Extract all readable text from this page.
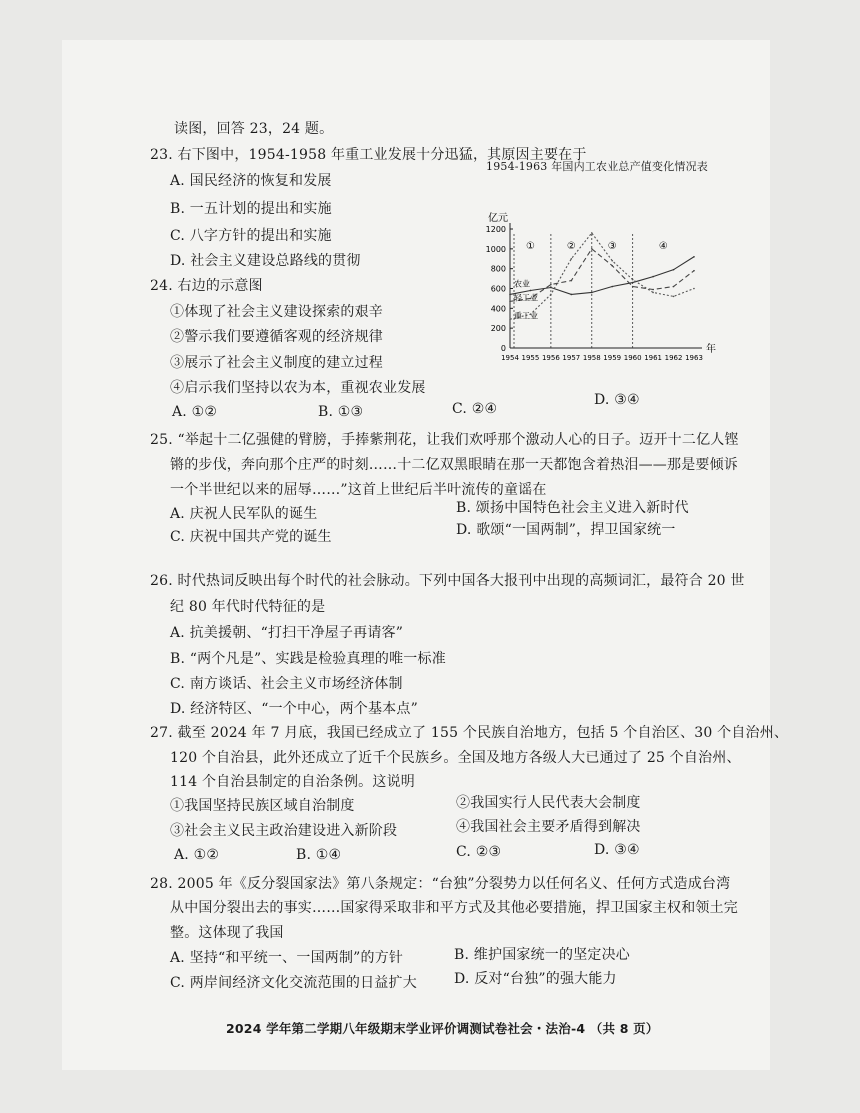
读图，回答 23，24 题。
23. 右下图中，1954-1958 年重工业发展十分迅猛，其原因主要在于
A. 国民经济的恢复和发展
B. 一五计划的提出和实施
C. 八字方针的提出和实施
D. 社会主义建设总路线的贯彻
24. 右边的示意图
①体现了社会主义建设探索的艰辛
②警示我们要遵循客观的经济规律
③展示了社会主义制度的建立过程
④启示我们坚持以农为本，重视农业发展
A. ①②	B. ①③	C. ②④
D. ③④
1954-1963 年国内工农业总产值变化情况表
亿元
年
0
200
400
600
800
1000
1200
1954 1955 1956 1957 1958 1959 1960 1961 1962 1963
①	②	③	④
农业
轻工业
重工业
25. “举起十二亿强健的臂膀，手捧紫荆花，让我们欢呼那个激动人心的日子。迈开十二亿人铿
锵的步伐，奔向那个庄严的时刻……十二亿双黑眼睛在那一天都饱含着热泪——那是要倾诉
一个半世纪以来的屈辱……”这首上世纪后半叶流传的童谣在
A. 庆祝人民军队的诞生	B. 颂扬中国特色社会主义进入新时代
C. 庆祝中国共产党的诞生	D. 歌颂“一国两制”，捍卫国家统一
26. 时代热词反映出每个时代的社会脉动。下列中国各大报刊中出现的高频词汇，最符合 20 世
纪 80 年代时代特征的是
A. 抗美援朝、“打扫干净屋子再请客”
B. “两个凡是”、实践是检验真理的唯一标准
C. 南方谈话、社会主义市场经济体制
D. 经济特区、“一个中心，两个基本点”
27. 截至 2024 年 7 月底，我国已经成立了 155 个民族自治地方，包括 5 个自治区、30 个自治州、
120 个自治县，此外还成立了近千个民族乡。全国及地方各级人大已通过了 25 个自治州、
114 个自治县制定的自治条例。这说明
①我国坚持民族区域自治制度	②我国实行人民代表大会制度
③社会主义民主政治建设进入新阶段	④我国社会主要矛盾得到解决
A. ①②	B. ①④	C. ②③	D. ③④
28. 2005 年《反分裂国家法》第八条规定：“台独”分裂势力以任何名义、任何方式造成台湾
从中国分裂出去的事实……国家得采取非和平方式及其他必要措施，捍卫国家主权和领土完
整。这体现了我国
A. 坚持“和平统一、一国两制”的方针	B. 维护国家统一的坚定决心
C. 两岸间经济文化交流范围的日益扩大	D. 反对“台独”的强大能力
2024 学年第二学期八年级期末学业评价调测试卷社会・法治-4 （共 8 页）
